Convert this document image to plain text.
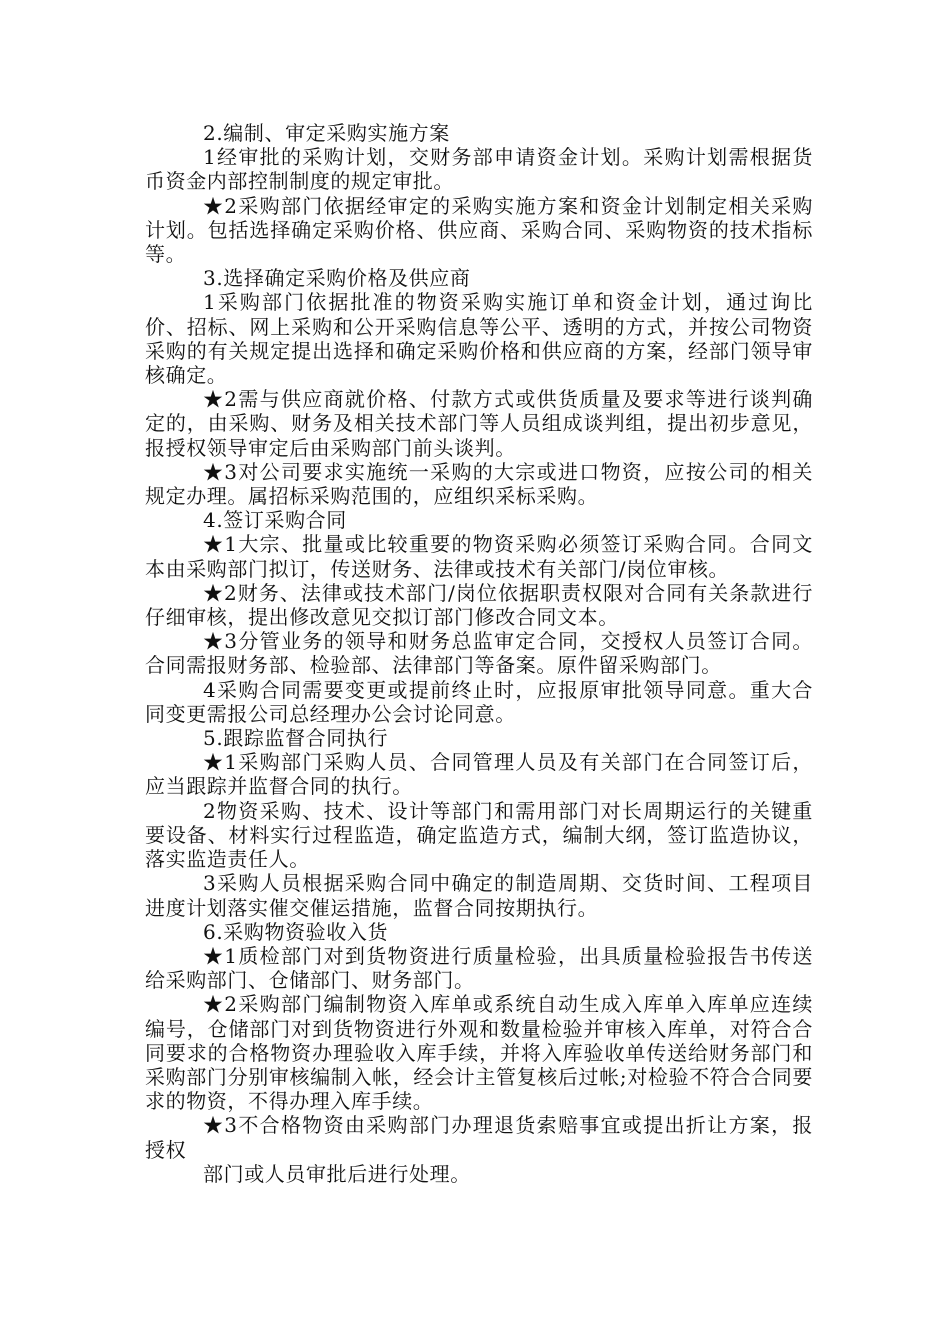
2.编制、审定采购实施方案

1经审批的采购计划，交财务部申请资金计划。采购计划需根据货币资金内部控制制度的规定审批。

★2采购部门依据经审定的采购实施方案和资金计划制定相关采购计划。包括选择确定采购价格、供应商、采购合同、采购物资的技术指标等。

3.选择确定采购价格及供应商

1采购部门依据批准的物资采购实施订单和资金计划，通过询比价、招标、网上采购和公开采购信息等公平、透明的方式，并按公司物资采购的有关规定提出选择和确定采购价格和供应商的方案，经部门领导审核确定。

★2需与供应商就价格、付款方式或供货质量及要求等进行谈判确定的，由采购、财务及相关技术部门等人员组成谈判组，提出初步意见，报授权领导审定后由采购部门前头谈判。

★3对公司要求实施统一采购的大宗或进口物资，应按公司的相关规定办理。属招标采购范围的，应组织采标采购。

4.签订采购合同

★1大宗、批量或比较重要的物资采购必须签订采购合同。合同文本由采购部门拟订，传送财务、法律或技术有关部门/岗位审核。

★2财务、法律或技术部门/岗位依据职责权限对合同有关条款进行仔细审核，提出修改意见交拟订部门修改合同文本。

★3分管业务的领导和财务总监审定合同，交授权人员签订合同。合同需报财务部、检验部、法律部门等备案。原件留采购部门。

4采购合同需要变更或提前终止时，应报原审批领导同意。重大合同变更需报公司总经理办公会讨论同意。

5.跟踪监督合同执行

★1采购部门采购人员、合同管理人员及有关部门在合同签订后，应当跟踪并监督合同的执行。

2物资采购、技术、设计等部门和需用部门对长周期运行的关键重要设备、材料实行过程监造，确定监造方式，编制大纲，签订监造协议，落实监造责任人。

3采购人员根据采购合同中确定的制造周期、交货时间、工程项目进度计划落实催交催运措施，监督合同按期执行。

6.采购物资验收入货

★1质检部门对到货物资进行质量检验，出具质量检验报告书传送给采购部门、仓储部门、财务部门。

★2采购部门编制物资入库单或系统自动生成入库单入库单应连续编号，仓储部门对到货物资进行外观和数量检验并审核入库单，对符合合同要求的合格物资办理验收入库手续，并将入库验收单传送给财务部门和采购部门分别审核编制入帐，经会计主管复核后过帐;对检验不符合合同要求的物资，不得办理入库手续。

★3不合格物资由采购部门办理退货索赔事宜或提出折让方案，报授权

部门或人员审批后进行处理。
